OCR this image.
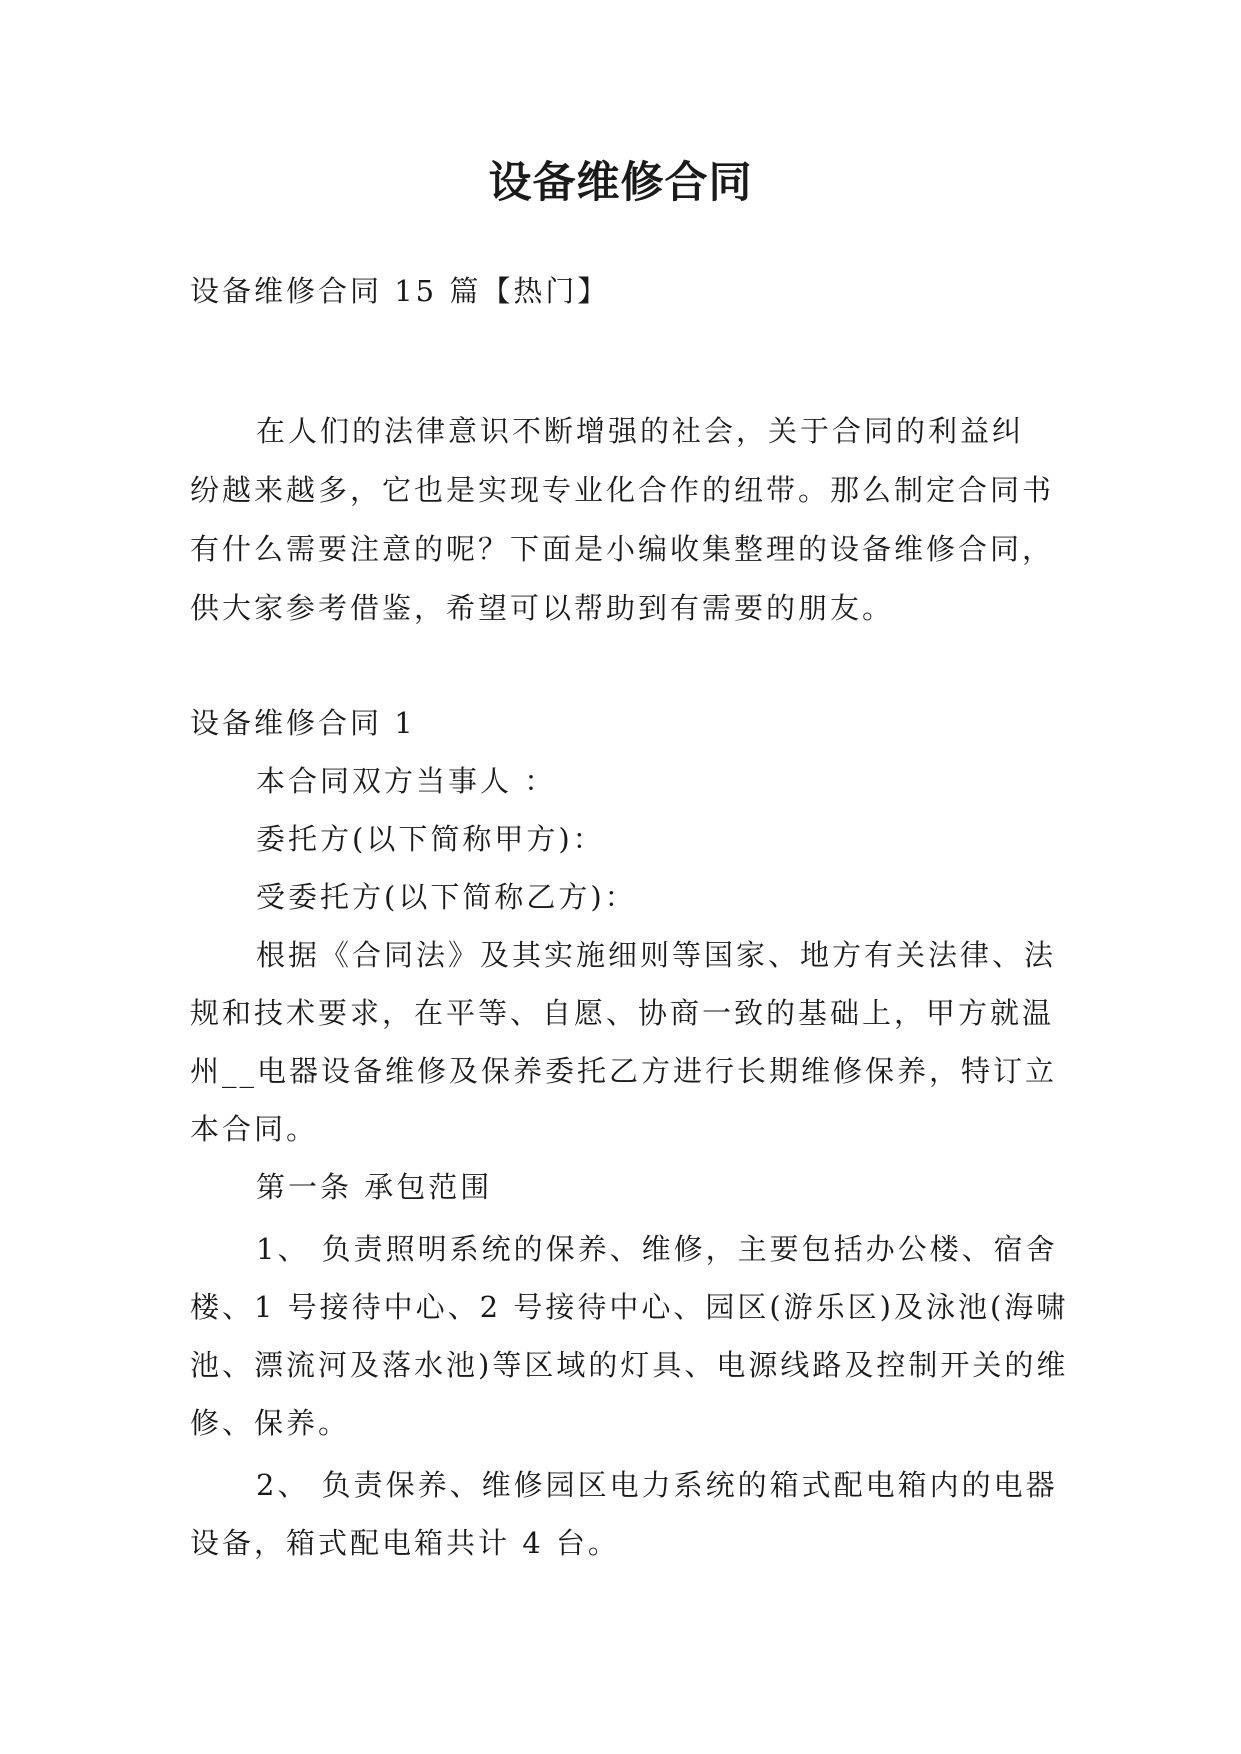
设备维修合同

设备维修合同 15 篇【热门】

在人们的法律意识不断增强的社会，关于合同的利益纠纷越来越多，它也是实现专业化合作的纽带。那么制定合同书有什么需要注意的呢？下面是小编收集整理的设备维修合同，供大家参考借鉴，希望可以帮助到有需要的朋友。

设备维修合同 1

本合同双方当事人 ：

委托方(以下简称甲方)：

受委托方(以下简称乙方)：

根据《合同法》及其实施细则等国家、地方有关法律、法规和技术要求，在平等、自愿、协商一致的基础上，甲方就温州__电器设备维修及保养委托乙方进行长期维修保养，特订立本合同。

第一条 承包范围

1、 负责照明系统的保养、维修，主要包括办公楼、宿舍楼、1 号接待中心、2 号接待中心、园区(游乐区)及泳池(海啸池、漂流河及落水池)等区域的灯具、电源线路及控制开关的维修、保养。

2、 负责保养、维修园区电力系统的箱式配电箱内的电器设备，箱式配电箱共计 4 台。
